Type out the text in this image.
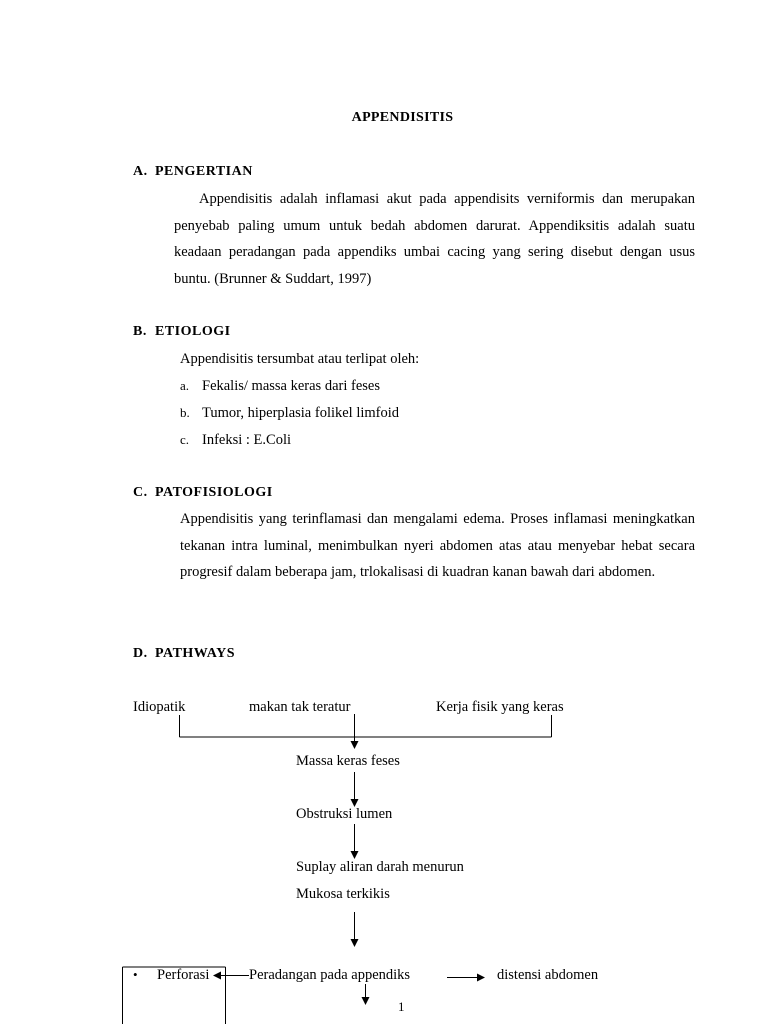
APPENDISITIS
A. PENGERTIAN
Appendisitis adalah inflamasi akut pada appendisits verniformis dan merupakan penyebab paling umum untuk bedah abdomen darurat. Appendiksitis adalah suatu keadaan peradangan pada appendiks umbai cacing yang sering disebut dengan usus buntu. (Brunner & Suddart, 1997)
B. ETIOLOGI
Appendisitis tersumbat atau terlipat oleh:
a. Fekalis/ massa keras dari feses
b. Tumor, hiperplasia folikel limfoid
c. Infeksi : E.Coli
C. PATOFISIOLOGI
Appendisitis yang terinflamasi dan mengalami edema. Proses inflamasi meningkatkan tekanan intra luminal, menimbulkan nyeri abdomen atas atau menyebar hebat secara progresif dalam beberapa jam, trlokalisasi di kuadran kanan bawah dari abdomen.
D. PATHWAYS
Idiopatik	makan tak teratur	Kerja fisik yang keras
Massa keras feses
Obstruksi lumen
Suplay aliran darah menurun
Mukosa terkikis
• Perforasi	Peradangan pada appendiks	distensi abdomen
1
